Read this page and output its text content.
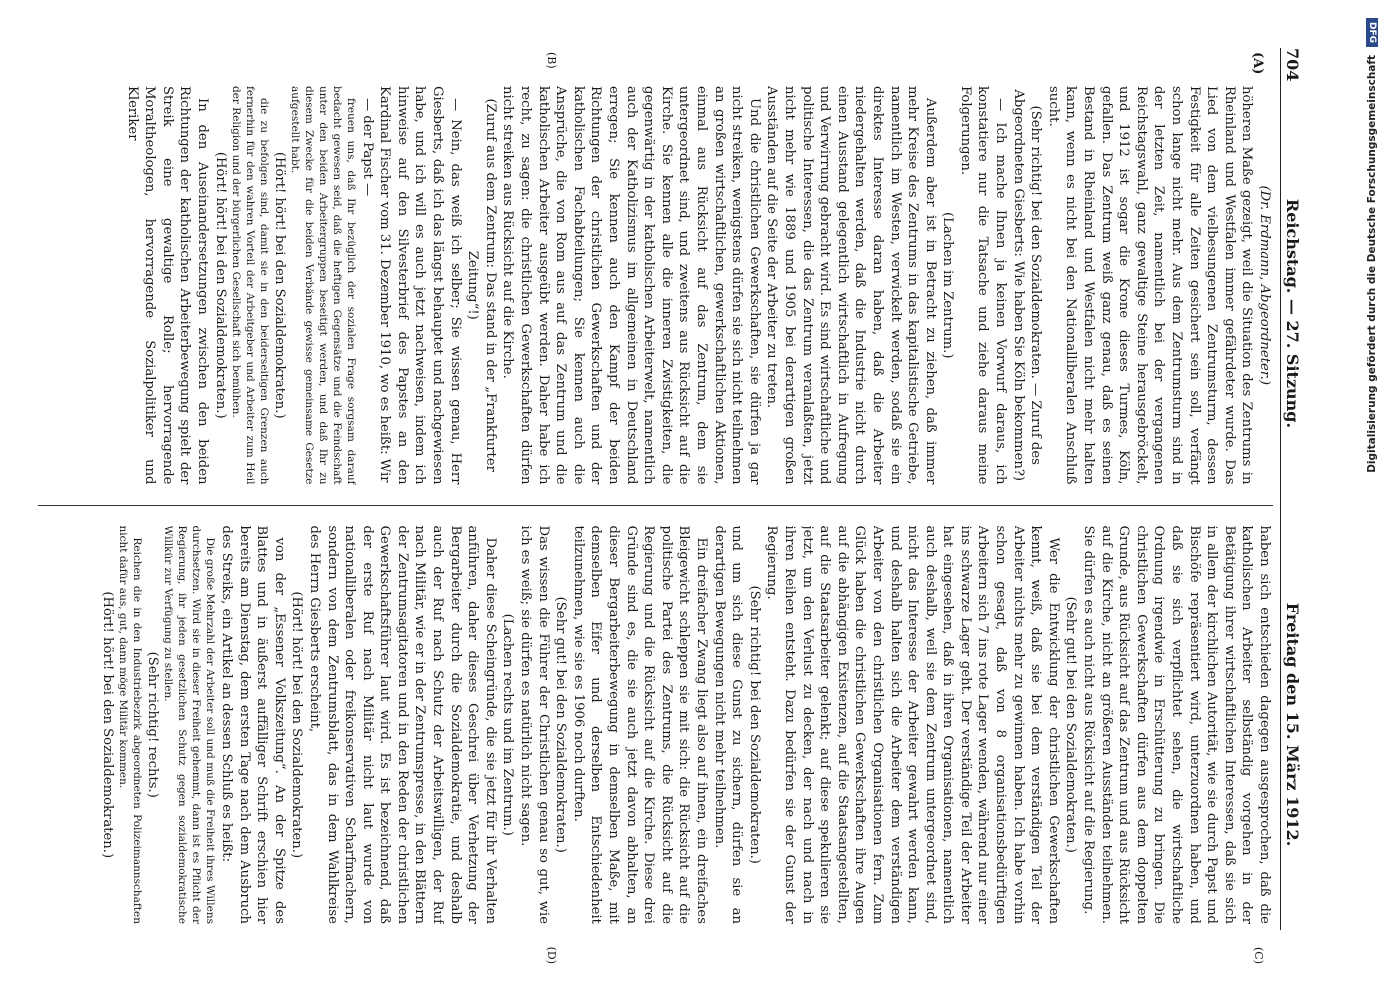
Digitalisierung gefördert durch die Deutsche Forschungsgemeinschaft
DFG
704
Reichstag. — 27. Sitzung.
Freitag den 15. März 1912.
(A)
(B)
(C)
(D)

(Dr. Erdmann, Abgeordneter.)

höheren Maße gezeigt, weil die Situation des Zentrums in Rheinland und Westfalen immer gefährdeter wurde. Das Lied von dem vielbesungenen Zentrumsturm, dessen Festigkeit für alle Zeiten gesichert sein soll, verfängt schon lange nicht mehr. Aus dem Zentrumsturm sind in der letzten Zeit, namentlich bei der vergangenen Reichstagswahl, ganz gewaltige Steine herausgebröckelt, und 1912 ist sogar die Krone dieses Turmes, Köln, gefallen. Das Zentrum weiß ganz genau, daß es seinen Bestand in Rheinland und Westfalen nicht mehr halten kann, wenn es nicht bei den Nationalliberalen Anschluß sucht.

(Sehr richtig! bei den Sozialdemokraten. — Zuruf des Abgeordneten Giesberts: Wie haben Sie Köln bekommen?)

— Ich mache Ihnen ja keinen Vorwurf daraus, ich konstatiere nur die Tatsache und ziehe daraus meine Folgerungen.

(Lachen im Zentrum.)

Außerdem aber ist in Betracht zu ziehen, daß immer mehr Kreise des Zentrums in das kapitalistische Getriebe, namentlich im Westen, verwickelt werden, sodaß sie ein direktes Interesse daran haben, daß die Arbeiter niedergehalten werden, daß die Industrie nicht durch einen Ausstand gelegentlich wirtschaftlich in Aufregung und Verwirrung gebracht wird. Es sind wirtschaftliche und politische Interessen, die das Zentrum veranlaßten, jetzt nicht mehr wie 1889 und 1905 bei derartigen großen Ausständen auf die Seite der Arbeiter zu treten.

Und die christlichen Gewerkschaften, sie dürfen ja gar nicht streiken, wenigstens dürfen sie sich nicht teilnehmen an großen wirtschaftlichen, gewerkschaftlichen Aktionen, einmal aus Rücksicht auf das Zentrum, dem sie untergeordnet sind, und zweitens aus Rücksicht auf die Kirche. Sie kennen alle die inneren Zwistigkeiten, die gegenwärtig in der katholischen Arbeiterwelt, namentlich auch der Katholizismus im allgemeinen in Deutschland erregen; Sie kennen auch den Kampf der beiden Richtungen der christlichen Gewerkschaften und der katholischen Fachabteilungen; Sie kennen auch die Ansprüche, die von Rom aus auf das Zentrum und die katholischen Arbeiter ausgeübt werden. Daher habe ich recht, zu sagen: die christlichen Gewerkschaften dürfen nicht streiken aus Rücksicht auf die Kirche.

(Zuruf aus dem Zentrum: Das stand in der „Frankfurter Zeitung“!)

— Nein, das weiß ich selber; Sie wissen genau, Herr Giesberts, daß ich das längst behauptet und nachgewiesen habe, und ich will es auch jetzt nachweisen, indem ich hinweise auf den Silvesterbrief des Papstes an den Kardinal Fischer vom 31. Dezember 1910, wo es heißt: Wir

— der Papst —

freuen uns, daß Ihr bezüglich der sozialen Frage sorgsam darauf bedacht gewesen seid, daß die heftigen Gegensätze und die Feindschaft unter den beiden Arbeitergruppen beseitigt werden, und daß Ihr zu diesem Zwecke für die beiden Verbände gewisse gemeinsame Gesetze aufgestellt habt.

(Hört! hört! bei den Sozialdemokraten.)

die zu befolgen sind, damit sie in den beiderseitigen Grenzen auch fernerhin für den wahren Vorteil der Arbeitgeber und Arbeiter zum Heil der Religion und der bürgerlichen Gesellschaft sich bemühen.

(Hört! hört! bei den Sozialdemokraten.)

In den Auseinandersetzungen zwischen den beiden Richtungen der katholischen Arbeiterbewegung spielt der Streik eine gewaltige Rolle; hervorragende Moraltheologen, hervorragende Sozialpolitiker und Kleriker

haben sich entschieden dagegen ausgesprochen, daß die katholischen Arbeiter selbständig vorgehen in der Betätigung ihrer wirtschaftlichen Interessen, daß sie sich in allem der kirchlichen Autorität, wie sie durch Papst und Bischöfe repräsentiert wird, unterzuordnen haben, und daß sie sich verpflichtet sehen, die wirtschaftliche Ordnung irgendwie in Erschütterung zu bringen. Die christlichen Gewerkschaften dürfen aus dem doppelten Grunde, aus Rücksicht auf das Zentrum und aus Rücksicht auf die Kirche, nicht an größeren Ausständen teilnehmen. Sie dürfen es auch nicht aus Rücksicht auf die Regierung.

(Sehr gut! bei den Sozialdemokraten.)

Wer die Entwicklung der christlichen Gewerkschaften kennt, weiß, daß sie bei dem verständigen Teil der Arbeiter nichts mehr zu gewinnen haben. Ich habe vorhin schon gesagt, daß von 8 organisationsbedürftigen Arbeitern sich 7 ins rote Lager wenden, während nur einer ins schwarze Lager geht. Der verständige Teil der Arbeiter hat eingesehen, daß in ihren Organisationen, namentlich auch deshalb, weil sie dem Zentrum untergeordnet sind, nicht das Interesse der Arbeiter gewahrt werden kann, und deshalb halten sich die Arbeiter dem verständigen Arbeiter von den christlichen Organisationen fern. Zum Glück haben die christlichen Gewerkschaften ihre Augen auf die abhängigen Existenzen, auf die Staatsangestellten, auf die Staatsarbeiter gelenkt; auf diese spekulieren sie jetzt, um den Verlust zu decken, der nach und nach in ihren Reihen entsteht. Dazu bedürfen sie der Gunst der Regierung.

(Sehr richtig! bei den Sozialdemokraten.)

und um sich diese Gunst zu sichern, dürfen sie an derartigen Bewegungen nicht mehr teilnehmen.

Ein dreifacher Zwang liegt also auf ihnen, ein dreifaches Bleigewicht schleppen sie mit sich: die Rücksicht auf die politische Partei des Zentrums, die Rücksicht auf die Regierung und die Rücksicht auf die Kirche. Diese drei Gründe sind es, die sie auch jetzt davon abhalten, an dieser Bergarbeiterbewegung in demselben Maße, mit demselben Eifer und derselben Entschiedenheit teilzunehmen, wie sie es 1906 noch durften.

(Sehr gut! bei den Sozialdemokraten.)

Das wissen die Führer der Christlichen genau so gut, wie ich es weiß; sie dürfen es natürlich nicht sagen.

(Lachen rechts und im Zentrum.)

Daher diese Scheingründe, die sie jetzt für ihr Verhalten anführen, daher dieses Geschrei über Verhetzung der Bergarbeiter durch die Sozialdemokratie, und deshalb auch der Ruf nach Schutz der Arbeitswilligen, der Ruf nach Militär, wie er in der Zentrumspresse, in den Blättern der Zentrumsagitatoren und in den Reden der christlichen Gewerkschaftsführer laut wird. Es ist bezeichnend, daß der erste Ruf nach Militär nicht laut wurde von nationalliberalen oder freikonservativen Scharfmachern, sondern von dem Zentrumsblatt, das in dem Wahlkreise des Herrn Giesberts erscheint,

(Hört! hört! bei den Sozialdemokraten.)

von der „Essener Volkszeitung“. An der Spitze des Blattes und in äußerst auffälliger Schrift erschien hier bereits am Dienstag, dem ersten Tage nach dem Ausbruch des Streiks, ein Artikel an dessen Schluß es heißt:

Die große Mehrzahl der Arbeiter soll und muß die Freiheit ihres Willens durchsetzen. Wird sie in dieser Freiheit gehemmt, dann ist es Pflicht der Regierung, ihr jeden gesetzlichen Schutz gegen sozialdemokratische Willkür zur Verfügung zu stellen.

(Sehr richtig! rechts.)

Reichen die in den Industriebezirk abgeordneten Polizeimannschaften nicht dafür aus, gut, dann möge Militär kommen.

(Hört! hört! bei den Sozialdemokraten.)
